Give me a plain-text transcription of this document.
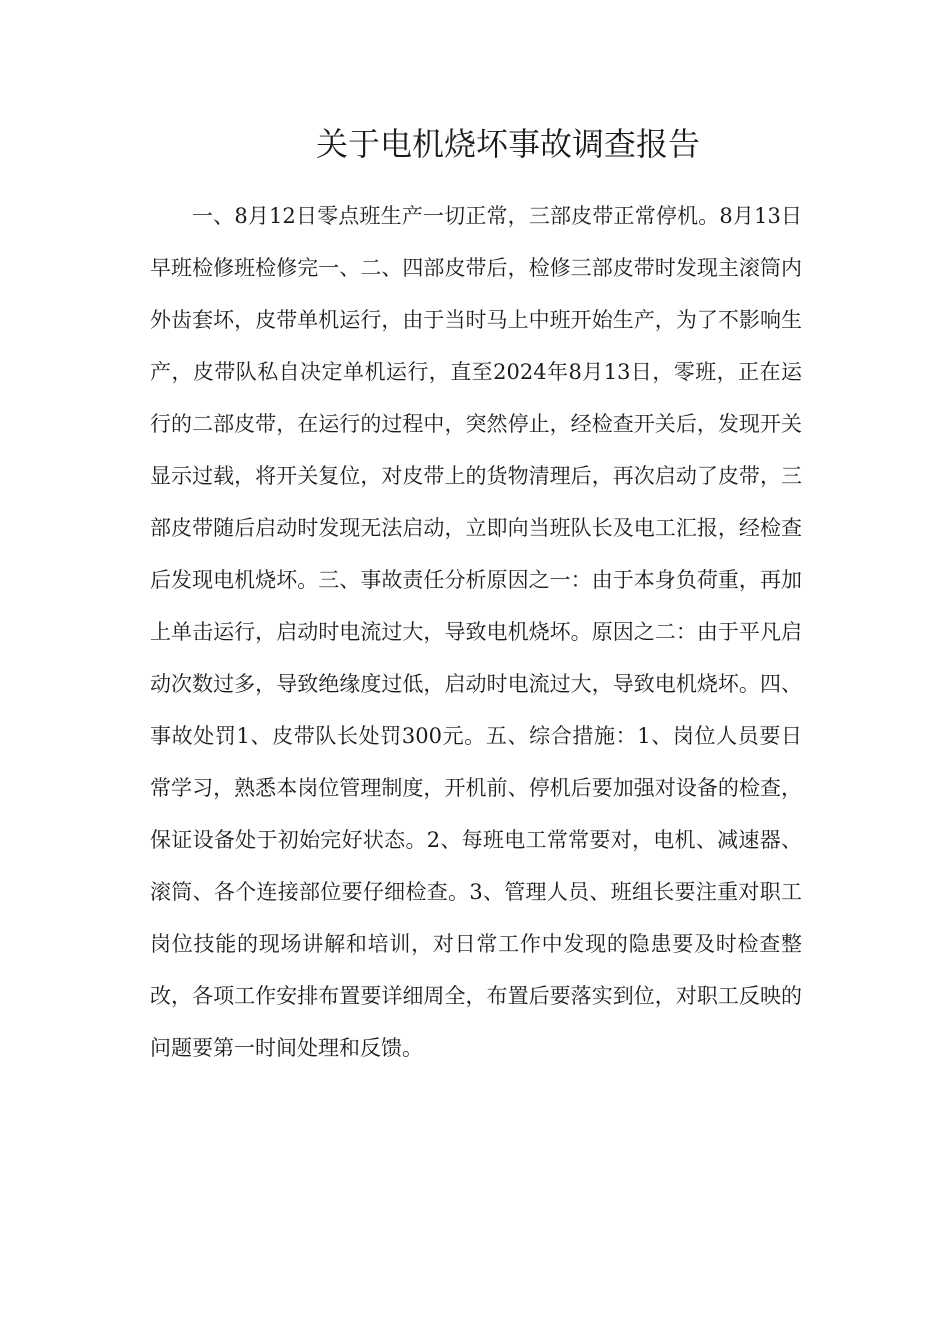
关于电机烧坏事故调查报告

一、8月12日零点班生产一切正常，三部皮带正常停机。8月13日早班检修班检修完一、二、四部皮带后，检修三部皮带时发现主滚筒内外齿套坏，皮带单机运行，由于当时马上中班开始生产，为了不影响生产，皮带队私自决定单机运行，直至2024年8月13日，零班，正在运行的二部皮带，在运行的过程中，突然停止，经检查开关后，发现开关显示过载，将开关复位，对皮带上的货物清理后，再次启动了皮带，三部皮带随后启动时发现无法启动，立即向当班队长及电工汇报，经检查后发现电机烧坏。三、事故责任分析原因之一：由于本身负荷重，再加上单击运行，启动时电流过大，导致电机烧坏。原因之二：由于平凡启动次数过多，导致绝缘度过低，启动时电流过大，导致电机烧坏。四、事故处罚1、皮带队长处罚300元。五、综合措施：1、岗位人员要日常学习，熟悉本岗位管理制度，开机前、停机后要加强对设备的检查，保证设备处于初始完好状态。2、每班电工常常要对，电机、减速器、滚筒、各个连接部位要仔细检查。3、管理人员、班组长要注重对职工岗位技能的现场讲解和培训，对日常工作中发现的隐患要及时检查整改，各项工作安排布置要详细周全，布置后要落实到位，对职工反映的问题要第一时间处理和反馈。
